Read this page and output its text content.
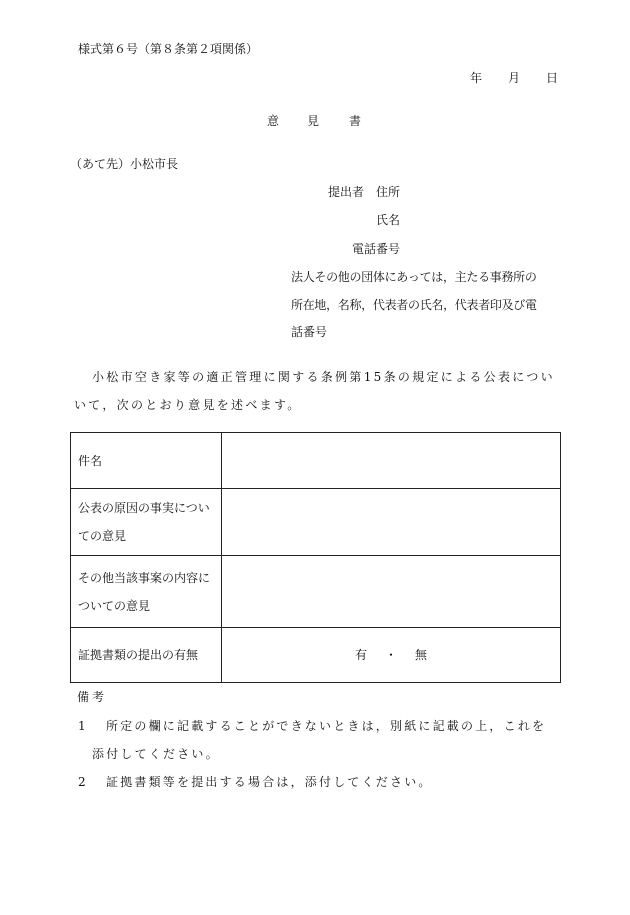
様式第６号（第８条第２項関係）
年 月 日
意 見 書
（あて先）小松市長
提出者 住所
氏名
電話番号
法人その他の団体にあっては，主たる事務所の
所在地，名称，代表者の氏名，代表者印及び電
話番号
小松市空き家等の適正管理に関する条例第15条の規定による公表につい
いて，次のとおり意見を述べます。
件名	

公表の原因の事実につい
ての意見	

その他当該事案の内容に
ついての意見	

証拠書類の提出の有無	有 ・ 無
備考
1 所定の欄に記載することができないときは，別紙に記載の上，これを
添付してください。
2 証拠書類等を提出する場合は，添付してください。
